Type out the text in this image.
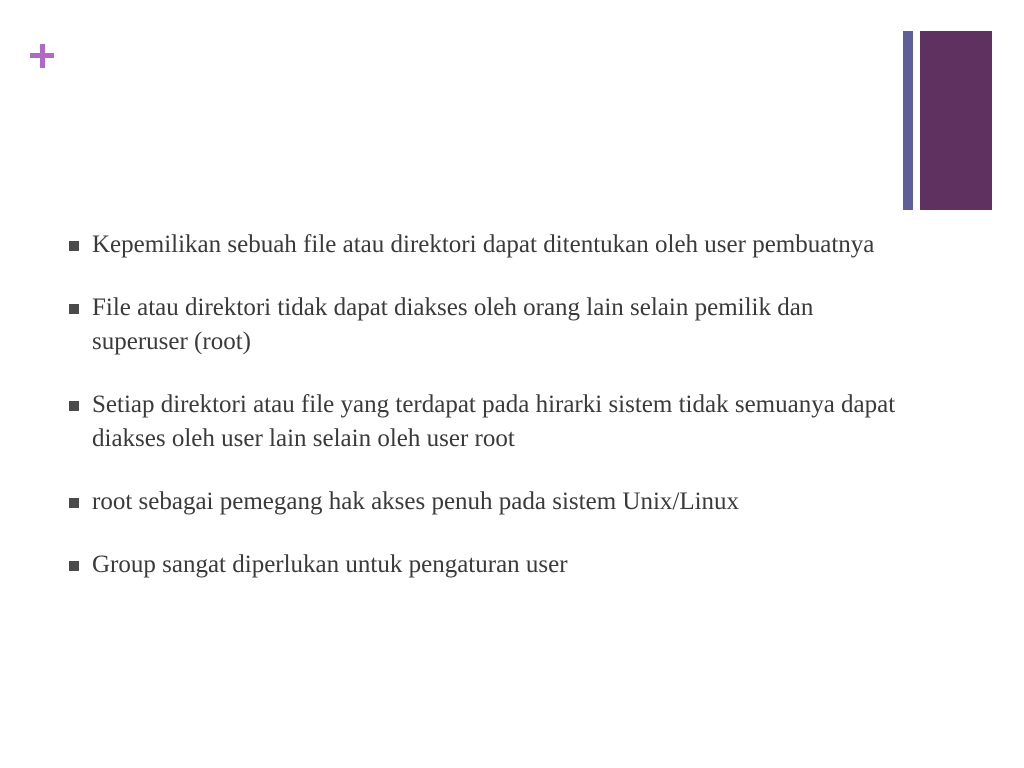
Kepemilikan sebuah file atau direktori dapat ditentukan oleh user pembuatnya
File atau direktori tidak dapat diakses oleh orang lain selain pemilik dan superuser (root)
Setiap direktori atau file yang terdapat pada hirarki sistem tidak semuanya dapat diakses oleh user lain selain oleh user root
root sebagai pemegang hak akses penuh pada sistem Unix/Linux
Group sangat diperlukan untuk pengaturan user
